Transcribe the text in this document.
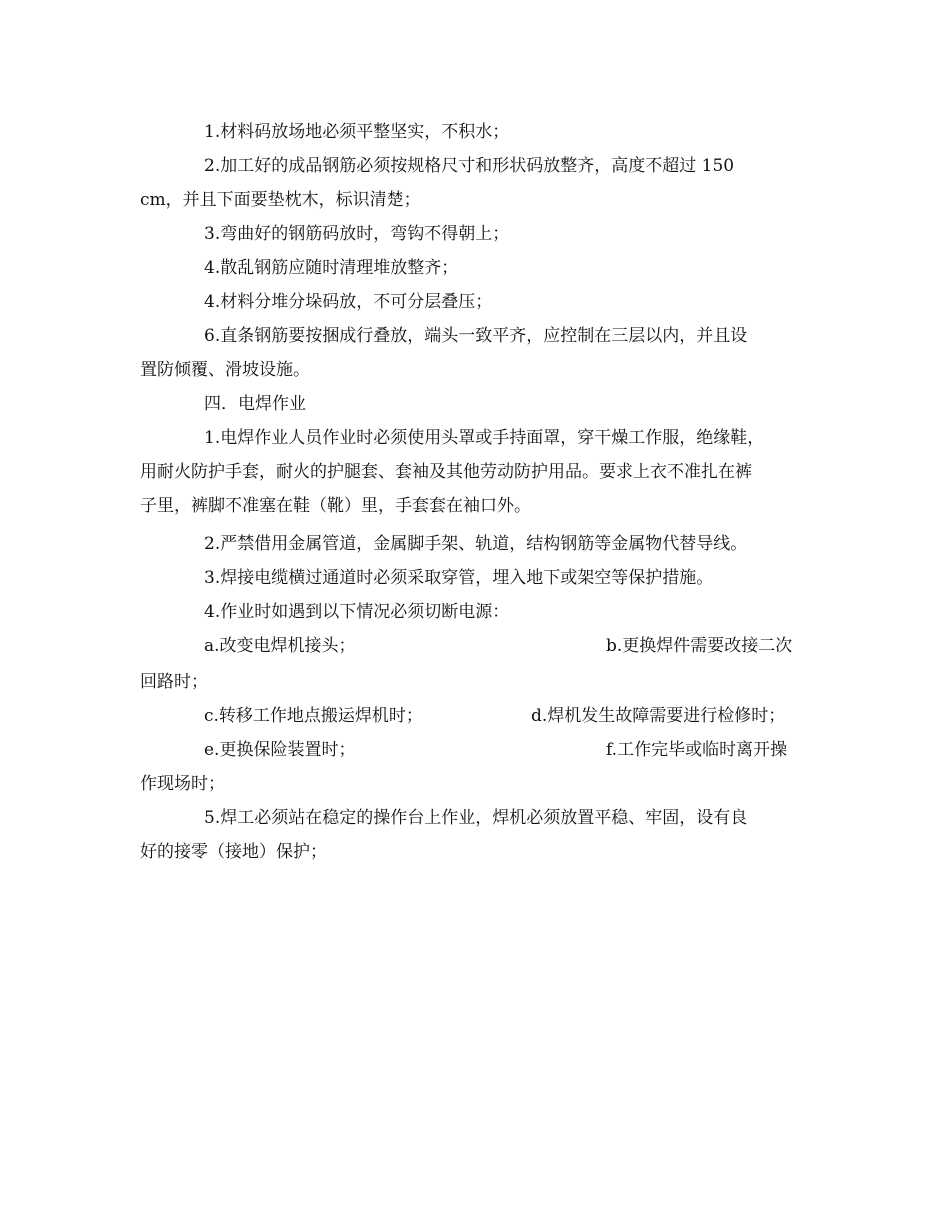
1.材料码放场地必须平整坚实，不积水；
2.加工好的成品钢筋必须按规格尺寸和形状码放整齐，高度不超过 150
cm，并且下面要垫枕木，标识清楚；
3.弯曲好的钢筋码放时，弯钩不得朝上；
4.散乱钢筋应随时清理堆放整齐；
4.材料分堆分垛码放，不可分层叠压；
6.直条钢筋要按捆成行叠放，端头一致平齐，应控制在三层以内，并且设
置防倾覆、滑坡设施。
四．电焊作业
1.电焊作业人员作业时必须使用头罩或手持面罩，穿干燥工作服，绝缘鞋，
用耐火防护手套，耐火的护腿套、套袖及其他劳动防护用品。要求上衣不准扎在裤
子里，裤脚不准塞在鞋（靴）里，手套套在袖口外。
2.严禁借用金属管道，金属脚手架、轨道，结构钢筋等金属物代替导线。
3.焊接电缆横过通道时必须采取穿管，埋入地下或架空等保护措施。
4.作业时如遇到以下情况必须切断电源：
a.改变电焊机接头；	b.更换焊件需要改接二次
回路时；
c.转移工作地点搬运焊机时；	d.焊机发生故障需要进行检修时；
e.更换保险装置时；	f.工作完毕或临时离开操
作现场时；
5.焊工必须站在稳定的操作台上作业，焊机必须放置平稳、牢固，设有良
好的接零（接地）保护；
